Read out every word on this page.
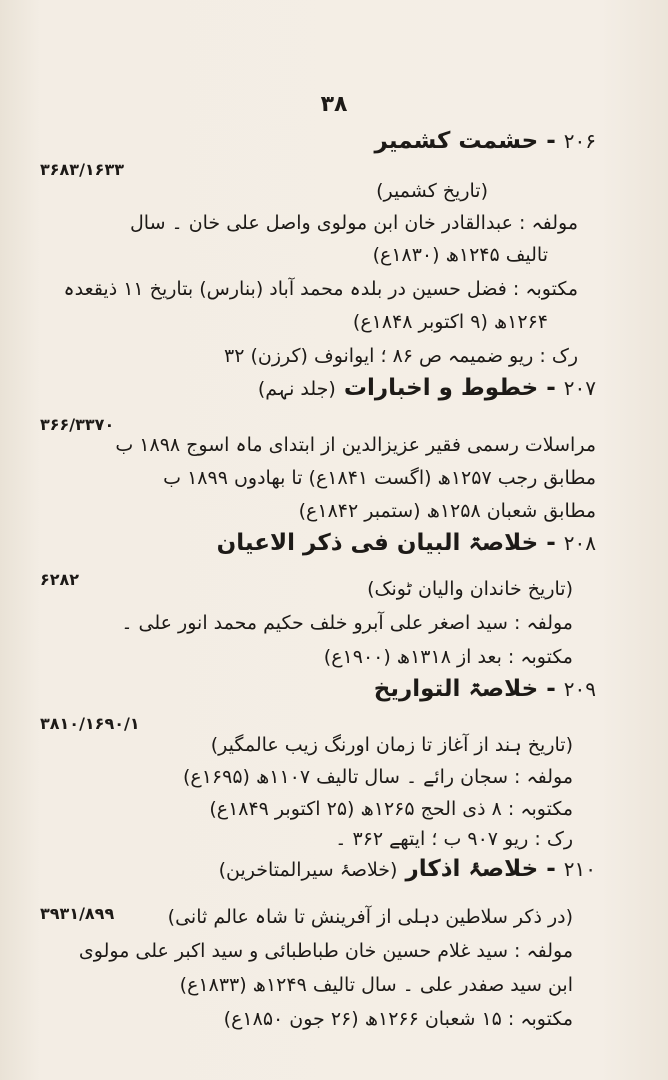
۳۸
۲۰۶ - حشمت کشمیر
۳۶۸۳/۱۶۳۳
(تاریخ کشمیر)
مولفہ : عبدالقادر خان ابن مولوی واصل علی خان ۔ سال
تالیف ۱۲۴۵ھ (۱۸۳۰ع)
مکتوبہ : فضل حسین در بلدہ محمد آباد (بنارس) بتاریخ ۱۱ ذیقعدہ
۱۲۶۴ھ (۹ اکتوبر ۱۸۴۸ع)
رک : ریو ضمیمہ ص ۸۶ ؛ ایوانوف (کرزن) ۳۲
۲۰۷ - خطوط و اخبارات (جلد نہم)
۳۶۶/۳۳۷۰
مراسلات رسمی فقیر عزیزالدین از ابتدای ماہ اسوج ۱۸۹۸ ب
مطابق رجب ۱۲۵۷ھ (اگست ۱۸۴۱ع) تا بھادوں ۱۸۹۹ ب
مطابق شعبان ۱۲۵۸ھ (ستمبر ۱۸۴۲ع)
۲۰۸ - خلاصۃ البیان فی ذکر الاعیان
۶۲۸۲	(تاریخ خاندان والیان ٹونک)
مولفہ : سید اصغر علی آبرو خلف حکیم محمد انور علی ۔
مکتوبہ : بعد از ۱۳۱۸ھ (۱۹۰۰ع)
۲۰۹ - خلاصۃ التواریخ
۳۸۱۰/۱۶۹۰/۱
(تاریخ ہند از آغاز تا زمان اورنگ زیب عالمگیر)
مولفہ : سجان رائے ۔ سال تالیف ۱۱۰۷ھ (۱۶۹۵ع)
مکتوبہ : ۸ ذی الحج ۱۲۶۵ھ (۲۵ اکتوبر ۱۸۴۹ع)
رک : ریو ۹۰۷ ب ؛ ایتھے ۳۶۲ ۔
۲۱۰ - خلاصۂ اذکار (خلاصۂ سیرالمتاخرین)
۳۹۳۱/۸۹۹	(در ذکر سلاطین دہلی از آفرینش تا شاہ عالم ثانی)
مولفہ : سید غلام حسین خان طباطبائی و سید اکبر علی مولوی
ابن سید صفدر علی ۔ سال تالیف ۱۲۴۹ھ (۱۸۳۳ع)
مکتوبہ : ۱۵ شعبان ۱۲۶۶ھ (۲۶ جون ۱۸۵۰ع)
